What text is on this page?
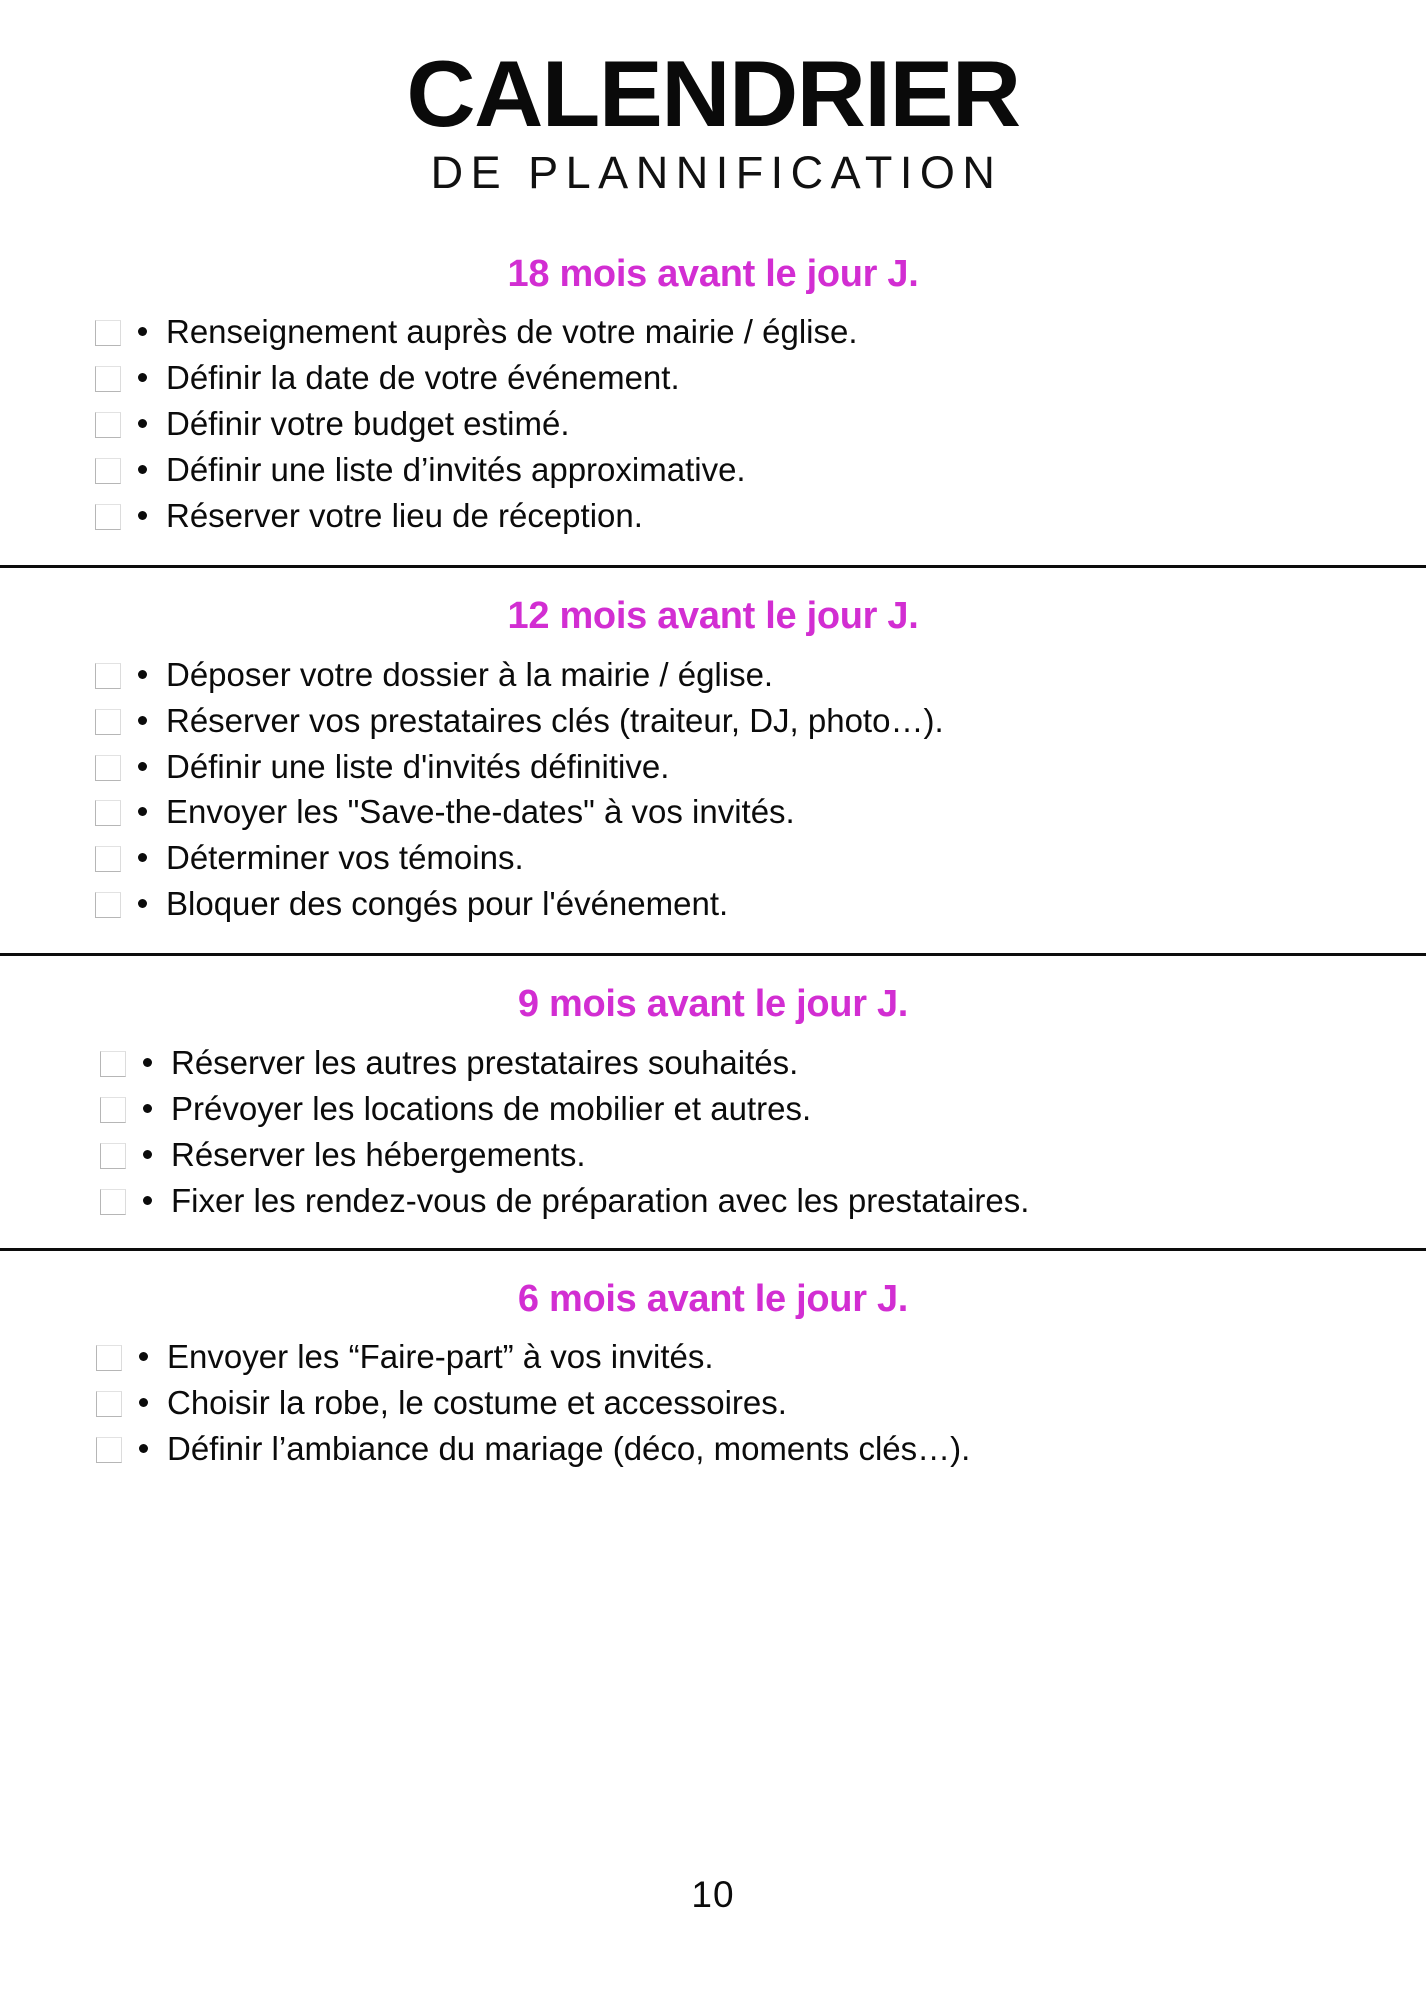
CALENDRIER
DE PLANNIFICATION
18 mois avant le jour J.
Renseignement auprès de votre mairie / église.
Définir la date de votre événement.
Définir votre budget estimé.
Définir une liste d’invités approximative.
Réserver votre lieu de réception.
12 mois avant le jour J.
Déposer votre dossier à la mairie / église.
Réserver vos prestataires clés (traiteur, DJ, photo…).
Définir une liste d'invités définitive.
Envoyer les "Save-the-dates" à vos invités.
Déterminer vos témoins.
Bloquer des congés pour l'événement.
9 mois avant le jour J.
Réserver les autres prestataires souhaités.
Prévoyer les locations de mobilier et autres.
Réserver les hébergements.
Fixer les rendez-vous de préparation avec les prestataires.
6 mois avant le jour J.
Envoyer les “Faire-part” à vos invités.
Choisir la robe, le costume et accessoires.
Définir l’ambiance du mariage (déco, moments clés…).
10
